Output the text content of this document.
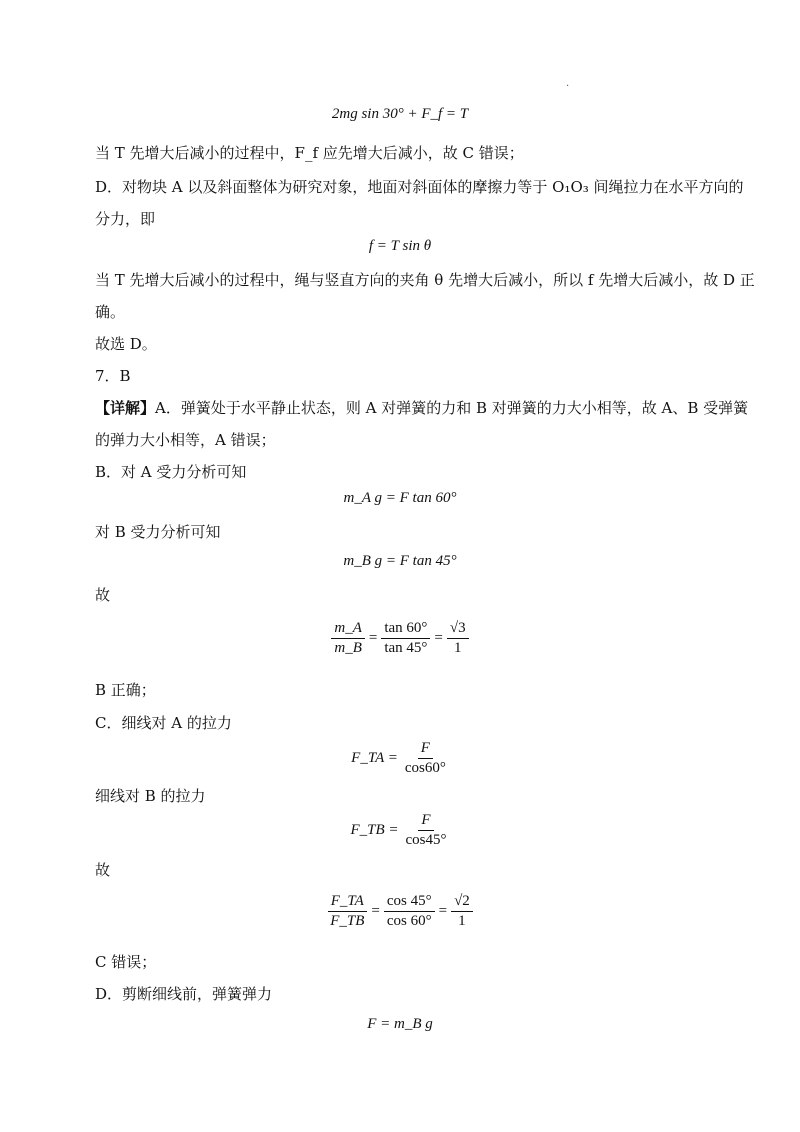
.
2mg sin 30° + F_f = T
当 T 先增大后减小的过程中，F_f 应先增大后减小，故 C 错误；
D．对物块 A 以及斜面整体为研究对象，地面对斜面体的摩擦力等于 O₁O₃ 间绳拉力在水平方向的
分力，即
f = T sin θ
当 T 先增大后减小的过程中，绳与竖直方向的夹角 θ 先增大后减小，所以 f 先增大后减小，故 D 正
确。
故选 D。
7．B
【详解】A．弹簧处于水平静止状态，则 A 对弹簧的力和 B 对弹簧的力大小相等，故 A、B 受弹簧
的弹力大小相等，A 错误；
B．对 A 受力分析可知
m_A g = F tan 60°
对 B 受力分析可知
m_B g = F tan 45°
故
$\frac{m\_A}{m\_B} = \frac{\tan 60^\circ}{\tan 45^\circ} = \frac{√3}{1}$
B 正确；
C．细线对 A 的拉力
F_TA = $\frac{F}{\cos 60^\circ}$
细线对 B 的拉力
F_TB = $\frac{F}{\cos 45^\circ}$
故
$\frac{F\_TA}{F\_TB} = \frac{\cos 45^\circ}{\cos 60^\circ} = \frac{√2}{1}$
C 错误；
D．剪断细线前，弹簧弹力
F = m_B g
